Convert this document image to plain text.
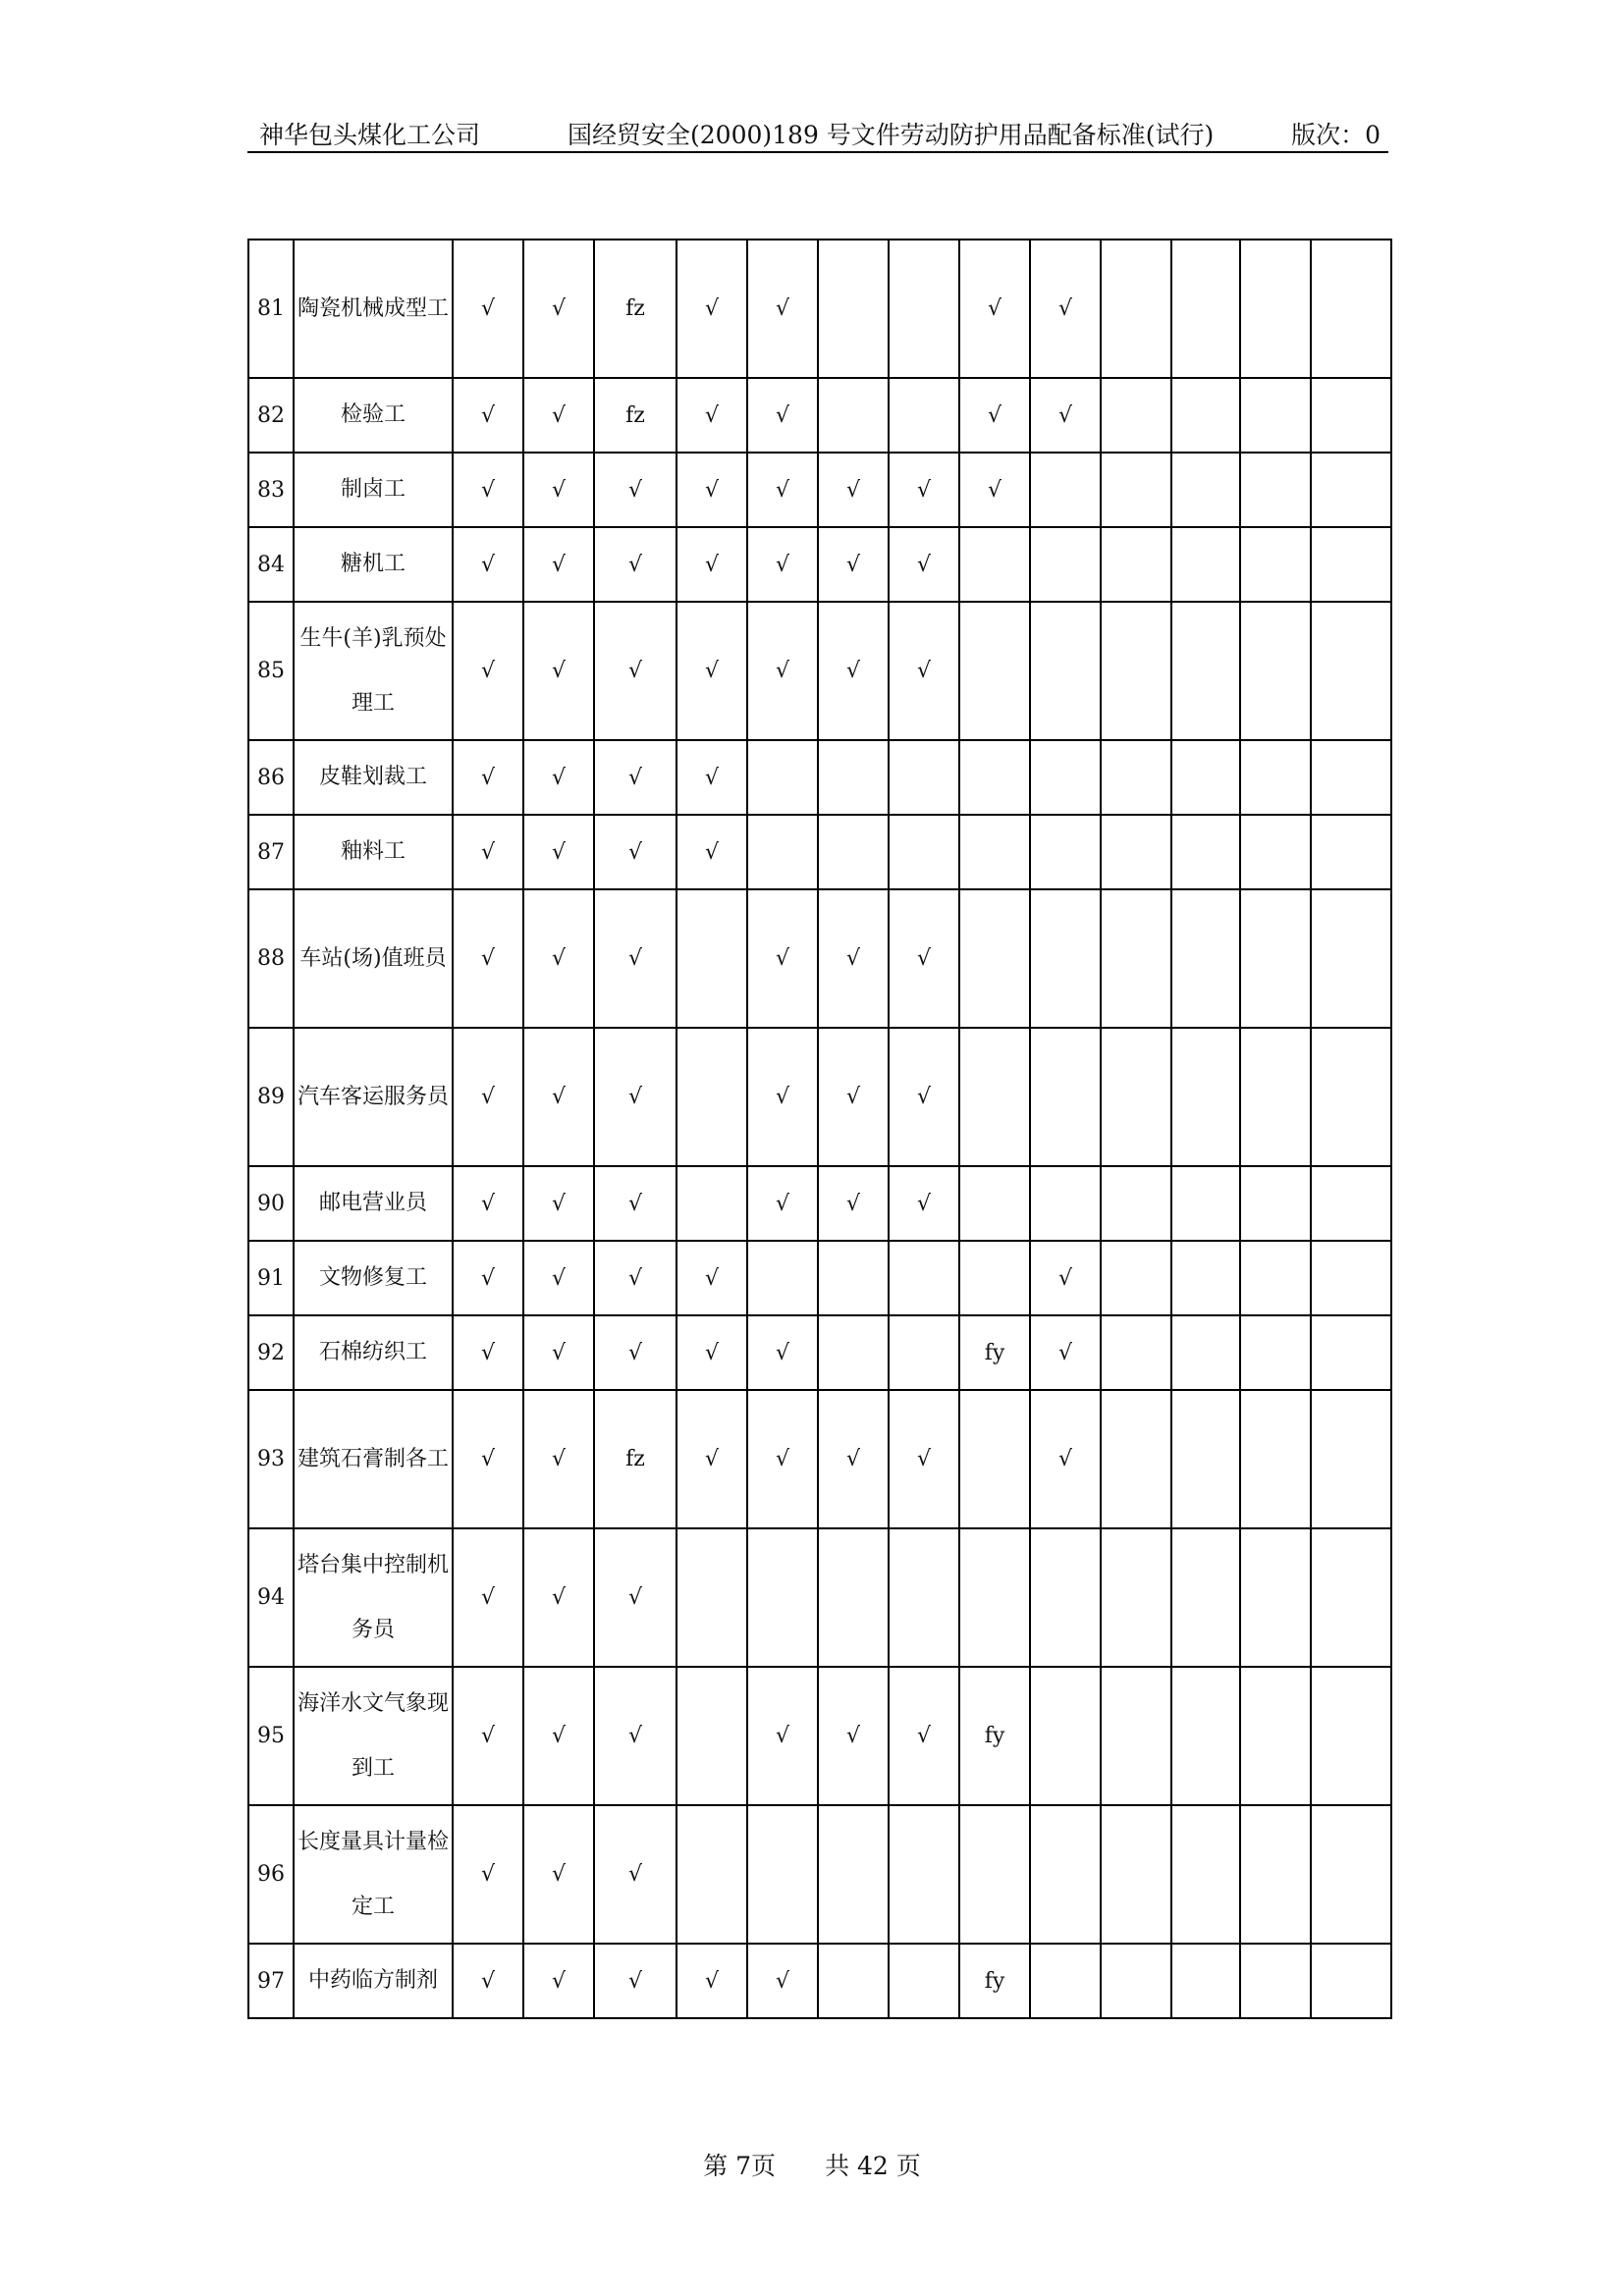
神华包头煤化工公司	国经贸安全(2000)189 号文件劳动防护用品配备标准(试行)	版次：0
81	陶瓷机械成型工	√	√	fz	√	√			√	√				
82	检验工	√	√	fz	√	√			√	√				
83	制卤工	√	√	√	√	√	√	√	√					
84	糖机工	√	√	√	√	√	√	√						
85	生牛(羊)乳预处理工	√	√	√	√	√	√	√						
86	皮鞋划裁工	√	√	√	√									
87	釉料工	√	√	√	√									
88	车站(场)值班员	√	√	√		√	√	√						
89	汽车客运服务员	√	√	√		√	√	√						
90	邮电营业员	√	√	√		√	√	√						
91	文物修复工	√	√	√	√					√				
92	石棉纺织工	√	√	√	√	√			fy	√				
93	建筑石膏制各工	√	√	fz	√	√	√	√		√				
94	塔台集中控制机务员	√	√	√										
95	海洋水文气象现到工	√	√	√		√	√	√	fy					
96	长度量具计量检定工	√	√	√										
97	中药临方制剂	√	√	√	√	√			fy					
第 7页 共 42 页
